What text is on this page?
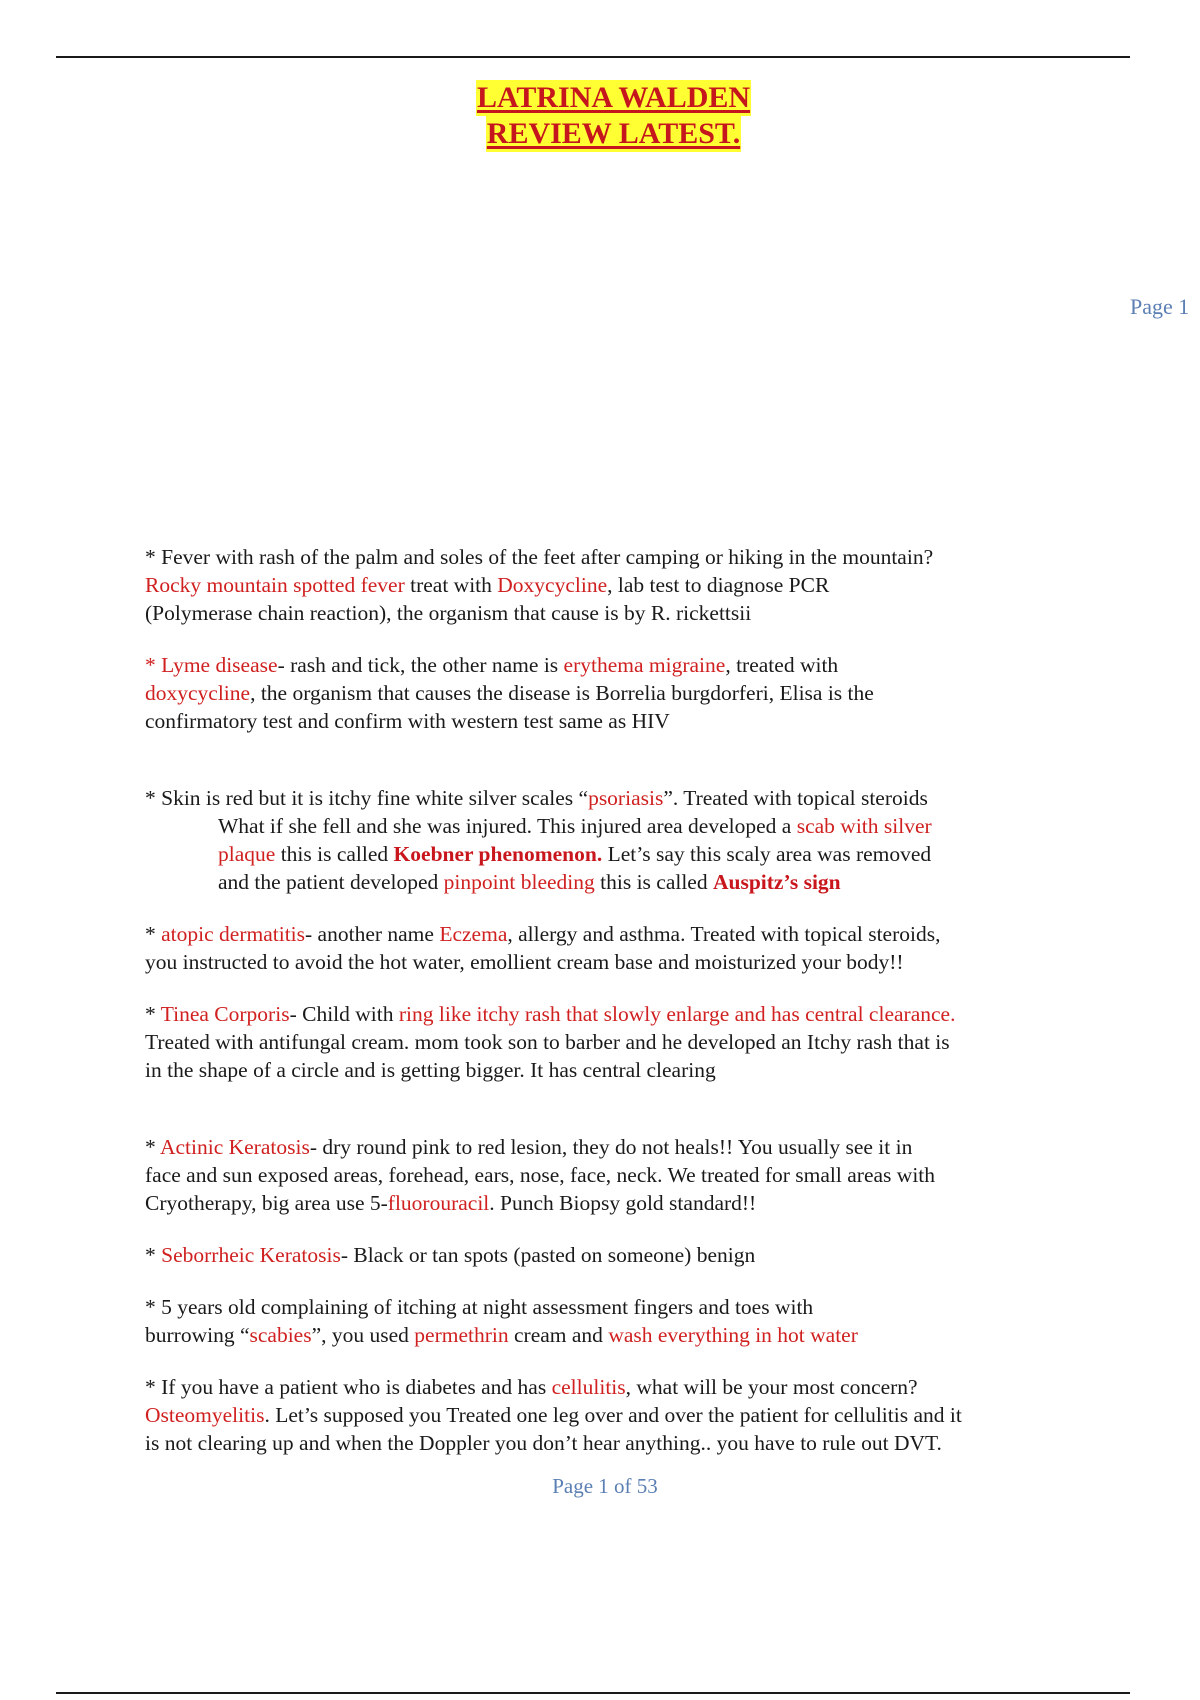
LATRINA WALDEN
REVIEW LATEST.
Page 1
* Fever with rash of the palm and soles of the feet after camping or hiking in the mountain?
Rocky mountain spotted fever treat with Doxycycline, lab test to diagnose PCR
(Polymerase chain reaction), the organism that cause is by R. rickettsii
* Lyme disease- rash and tick, the other name is erythema migraine, treated with
doxycycline, the organism that causes the disease is Borrelia burgdorferi, Elisa is the
confirmatory test and confirm with western test same as HIV
* Skin is red but it is itchy fine white silver scales “psoriasis”. Treated with topical steroids
What if she fell and she was injured. This injured area developed a scab with silver
plaque this is called Koebner phenomenon. Let’s say this scaly area was removed
and the patient developed pinpoint bleeding this is called Auspitz’s sign
* atopic dermatitis- another name Eczema, allergy and asthma. Treated with topical steroids,
you instructed to avoid the hot water, emollient cream base and moisturized your body!!
* Tinea Corporis- Child with ring like itchy rash that slowly enlarge and has central clearance.
Treated with antifungal cream. mom took son to barber and he developed an Itchy rash that is
in the shape of a circle and is getting bigger. It has central clearing
* Actinic Keratosis- dry round pink to red lesion, they do not heals!! You usually see it in
face and sun exposed areas, forehead, ears, nose, face, neck. We treated for small areas with
Cryotherapy, big area use 5-fluorouracil. Punch Biopsy gold standard!!
* Seborrheic Keratosis- Black or tan spots (pasted on someone) benign
* 5 years old complaining of itching at night assessment fingers and toes with
burrowing “scabies”, you used permethrin cream and wash everything in hot water
* If you have a patient who is diabetes and has cellulitis, what will be your most concern?
Osteomyelitis. Let’s supposed you Treated one leg over and over the patient for cellulitis and it
is not clearing up and when the Doppler you don’t hear anything.. you have to rule out DVT.
Page 1 of 53
